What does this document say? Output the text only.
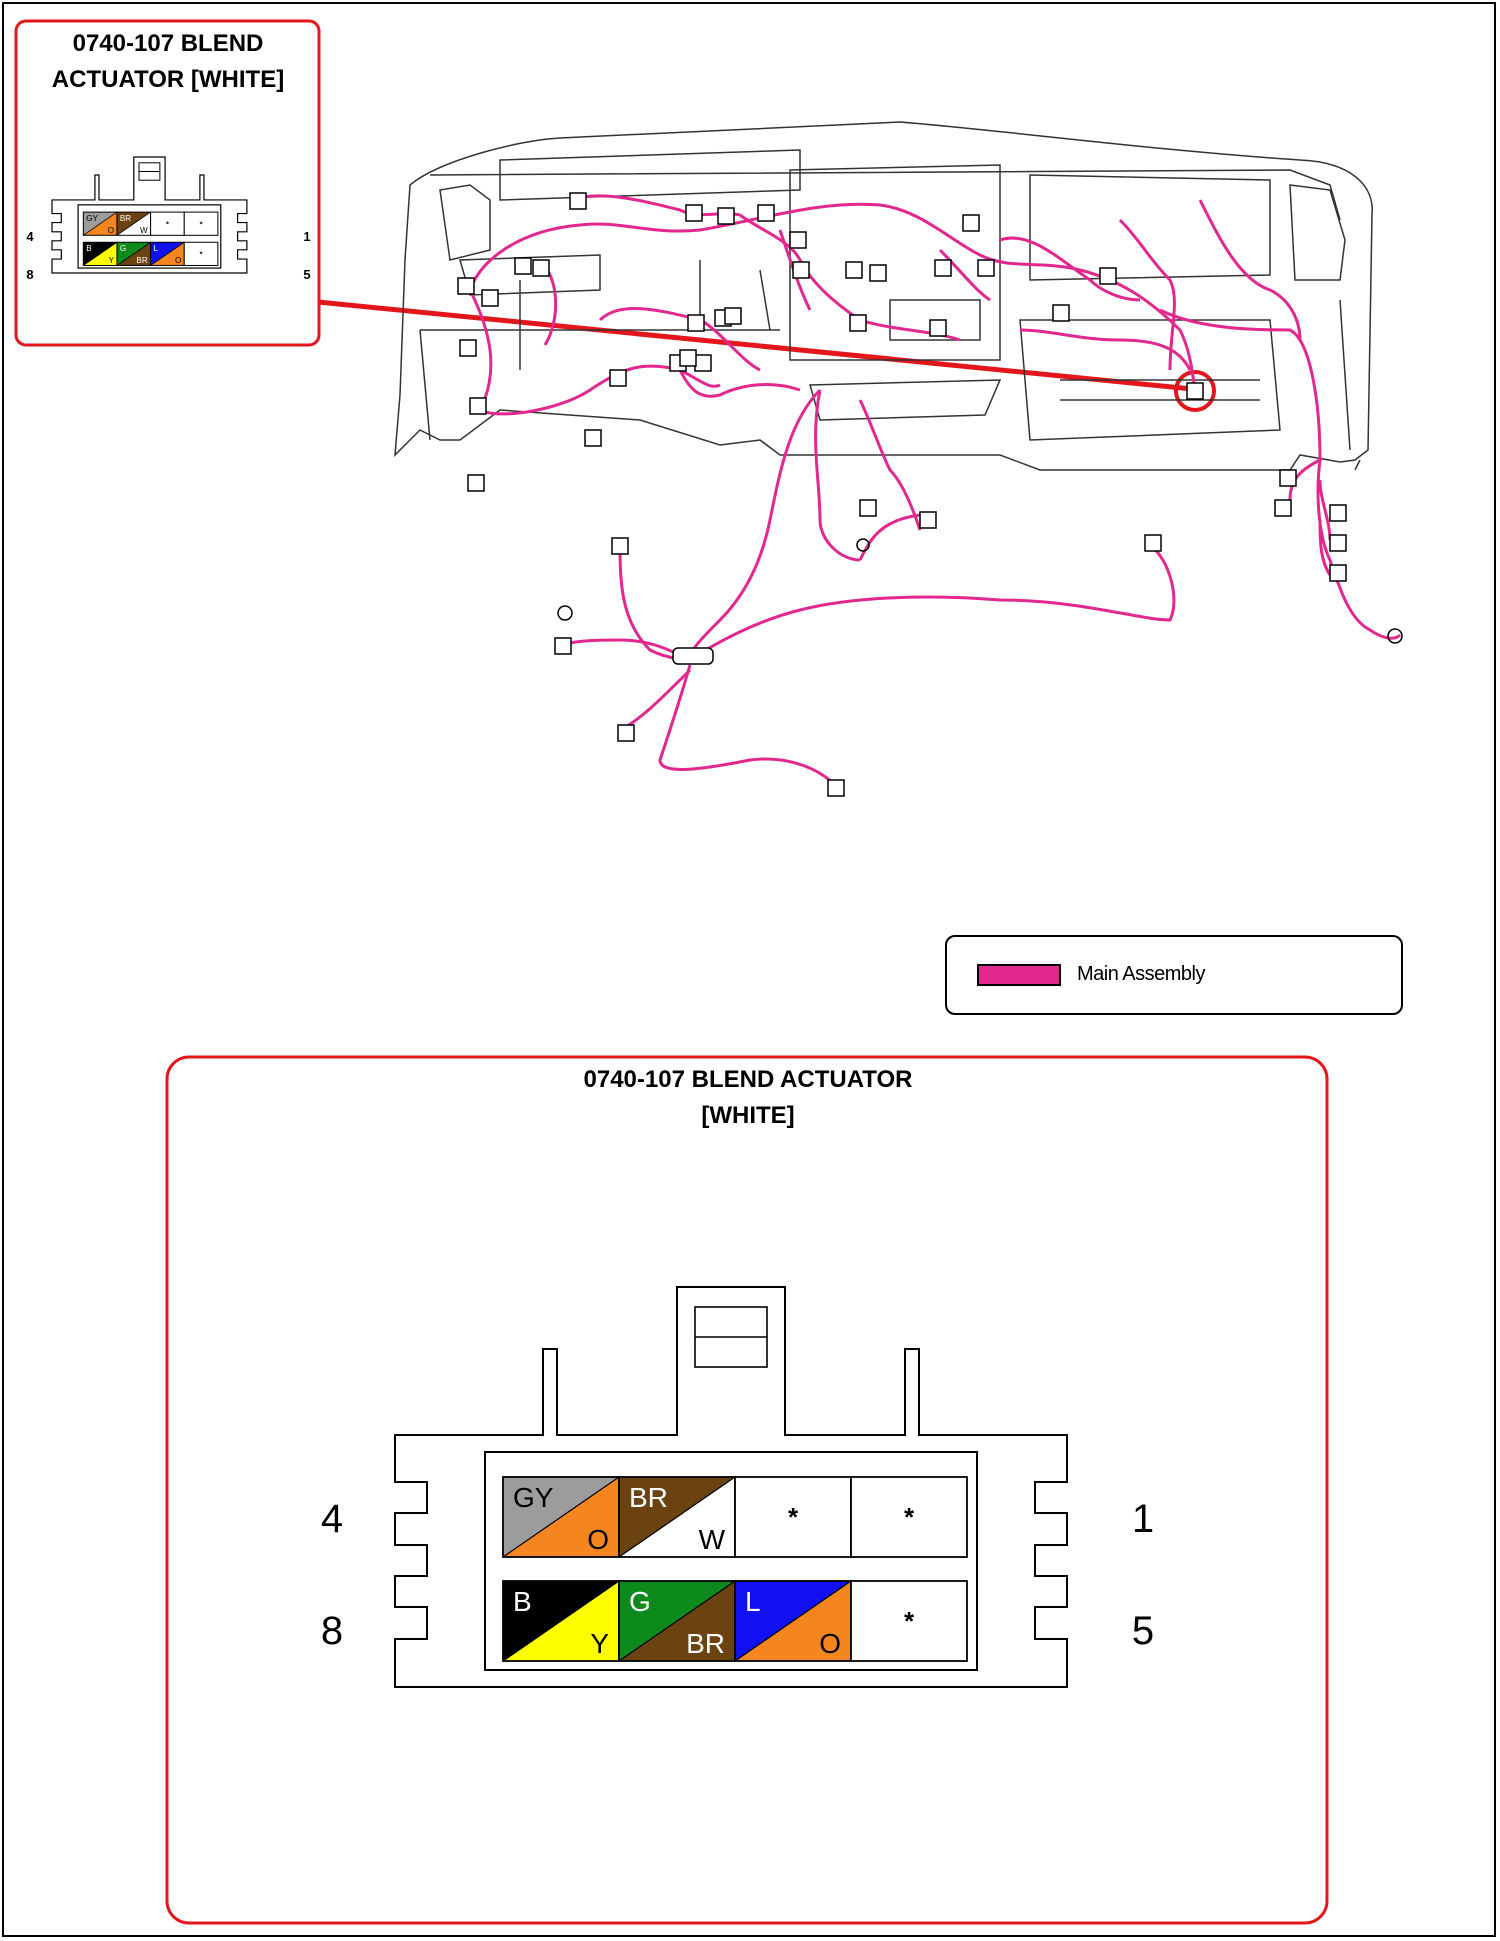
GY
O
BR
W
*	*
B
Y
G
BR
L
O
*
GY
O
BR
W
*	*
B
Y
G
BR
L
O
*
0740-107 BLEND
ACTUATOR [WHITE]
4
8
1
5
Main Assembly
0740-107 BLEND ACTUATOR
[WHITE]
4
8
1
5
